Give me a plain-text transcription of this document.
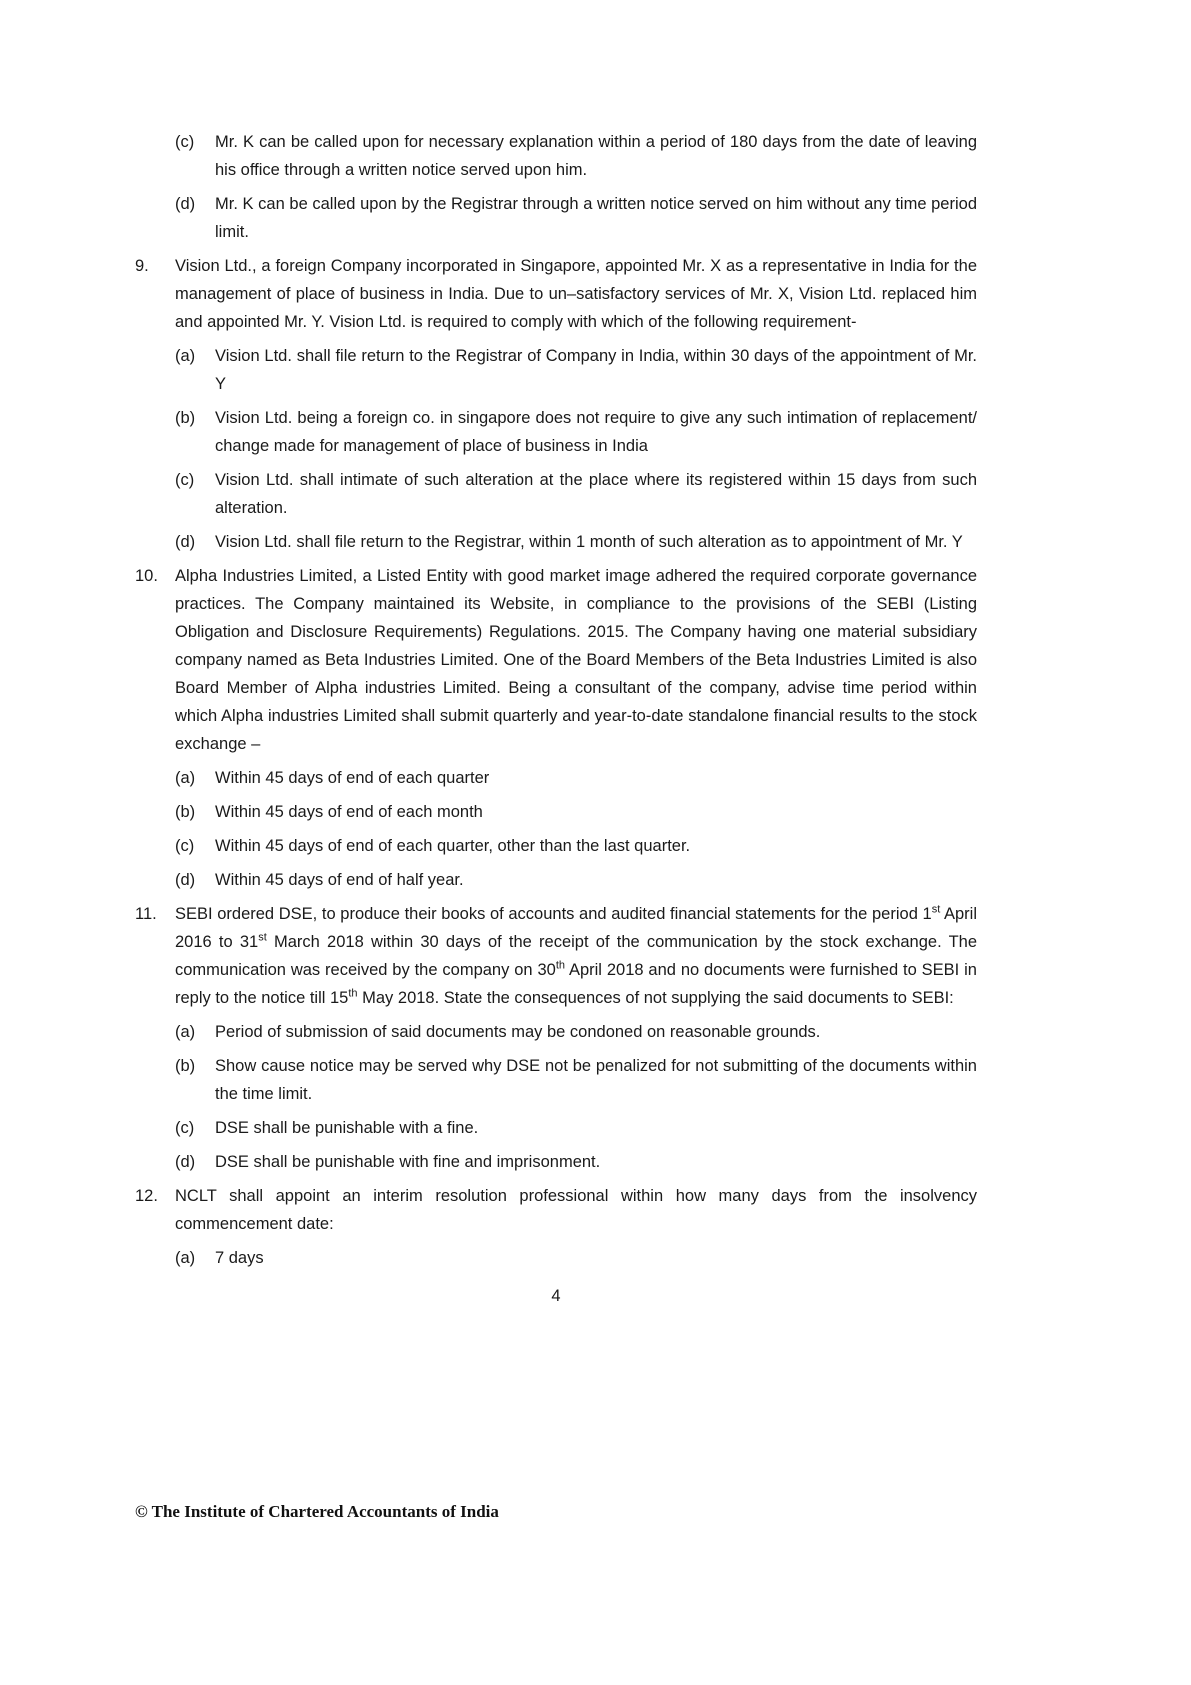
(c)	Mr. K can be called upon for necessary explanation within a period of 180 days from the date of leaving his office through a written notice served upon him.

(d)	Mr. K can be called upon by the Registrar through a written notice served on him without any time period limit.

9.	Vision Ltd., a foreign Company incorporated in Singapore, appointed Mr. X as a representative in India for the management of place of business in India. Due to un–satisfactory services of Mr. X, Vision Ltd. replaced him and appointed Mr. Y. Vision Ltd. is required to comply with which of the following requirement-

(a)	Vision Ltd. shall file return to the Registrar of Company in India, within 30 days of the appointment of Mr. Y

(b)	Vision Ltd. being a foreign co. in singapore does not require to give any such intimation of replacement/ change made for management of place of business in India

(c)	Vision Ltd. shall intimate of such alteration at the place where its registered within 15 days from such alteration.

(d)	Vision Ltd. shall file return to the Registrar, within 1 month of such alteration as to appointment of Mr. Y

10.	Alpha Industries Limited, a Listed Entity with good market image adhered the required corporate governance practices. The Company maintained its Website, in compliance to the provisions of the SEBI (Listing Obligation and Disclosure Requirements) Regulations. 2015. The Company having one material subsidiary company named as Beta Industries Limited. One of the Board Members of the Beta Industries Limited is also Board Member of Alpha industries Limited. Being a consultant of the company, advise time period within which Alpha industries Limited shall submit quarterly and year-to-date standalone financial results to the stock exchange –

(a)	Within 45 days of end of each quarter

(b)	Within 45 days of end of each month

(c)	Within 45 days of end of each quarter, other than the last quarter.

(d)	Within 45 days of end of half year.

11.	SEBI ordered DSE, to produce their books of accounts and audited financial statements for the period 1st April 2016 to 31st March 2018 within 30 days of the receipt of the communication by the stock exchange. The communication was received by the company on 30th April 2018 and no documents were furnished to SEBI in reply to the notice till 15th May 2018. State the consequences of not supplying the said documents to SEBI:

(a)	Period of submission of said documents may be condoned on reasonable grounds.

(b)	Show cause notice may be served why DSE not be penalized for not submitting of the documents within the time limit.

(c)	DSE shall be punishable with a fine.

(d)	DSE shall be punishable with fine and imprisonment.

12.	NCLT shall appoint an interim resolution professional within how many days from the insolvency commencement date:

(a)	7 days

4
© The Institute of Chartered Accountants of India
